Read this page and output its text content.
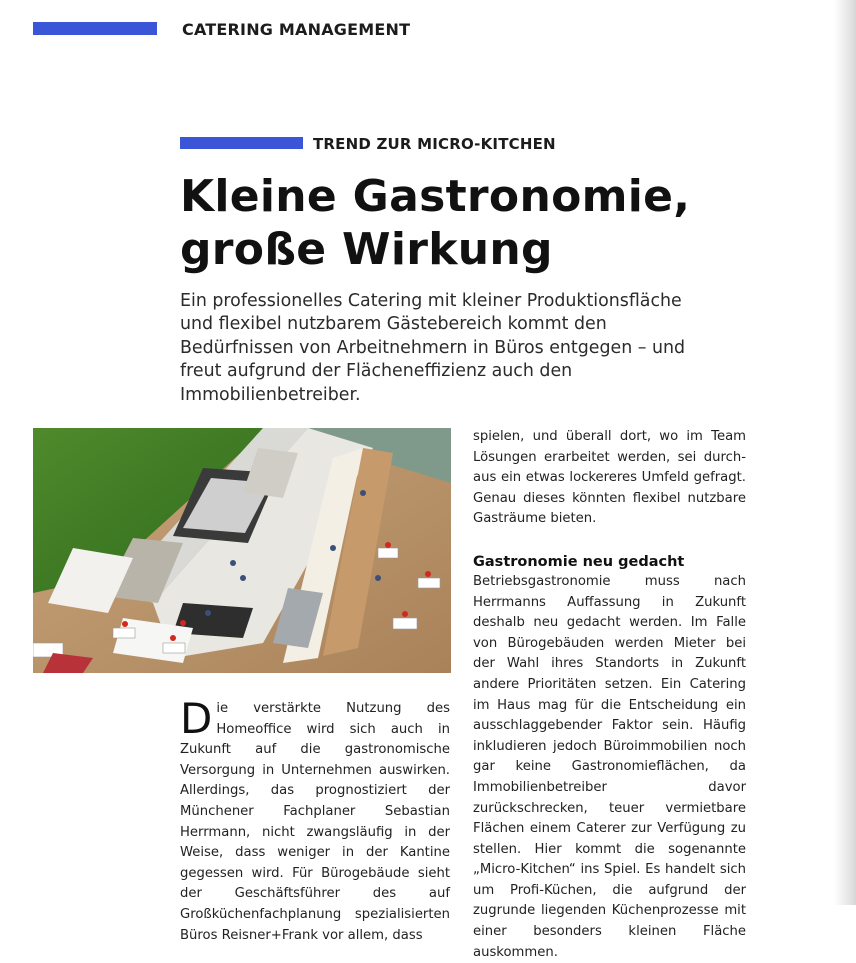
CATERING MANAGEMENT
TREND ZUR MICRO-KITCHEN
Kleine Gastronomie,
große Wirkung

Ein professionelles Catering mit kleiner Produktionsfläche und flexibel nutzbarem Gästebereich kommt den Bedürfnissen von Arbeitnehmern in Büros entgegen – und freut aufgrund der Flächeneffizienz auch den Immobilienbetreiber.

D ie verstärkte Nutzung des Homeoffice wird sich auch in Zukunft auf die gastronomische Versorgung in Unternehmen auswirken. Allerdings, das prognostiziert der Münchener Fachplaner Sebastian Herrmann, nicht zwangsläufig in der Weise, dass weniger in der Kantine gegessen wird. Für Bürogebäude sieht der Geschäftsführer des auf Großküchenfachplanung spezialisierten Büros Reisner+Frank vor allem, dass

spielen, und überall dort, wo im Team Lösungen erarbeitet werden, sei durchaus ein etwas lockereres Umfeld gefragt. Genau dieses könnten flexibel nutzbare Gasträume bieten.

Gastronomie neu gedacht

Betriebsgastronomie muss nach Herrmanns Auffassung in Zukunft deshalb neu gedacht werden. Im Falle von Bürogebäuden werden Mieter bei der Wahl ihres Standorts in Zukunft andere Prioritäten setzen. Ein Catering im Haus mag für die Entscheidung ein ausschlaggebender Faktor sein. Häufig inkludieren jedoch Büroimmobilien noch gar keine Gastronomieflächen, da Immobilienbetreiber davor zurückschrecken, teuer vermietbare Flächen einem Caterer zur Verfügung zu stellen. Hier kommt die sogenannte „Micro-Kitchen“ ins Spiel. Es handelt sich um Profi-Küchen, die aufgrund der zugrunde liegenden Küchenprozesse mit einer besonders kleinen Fläche auskommen.
